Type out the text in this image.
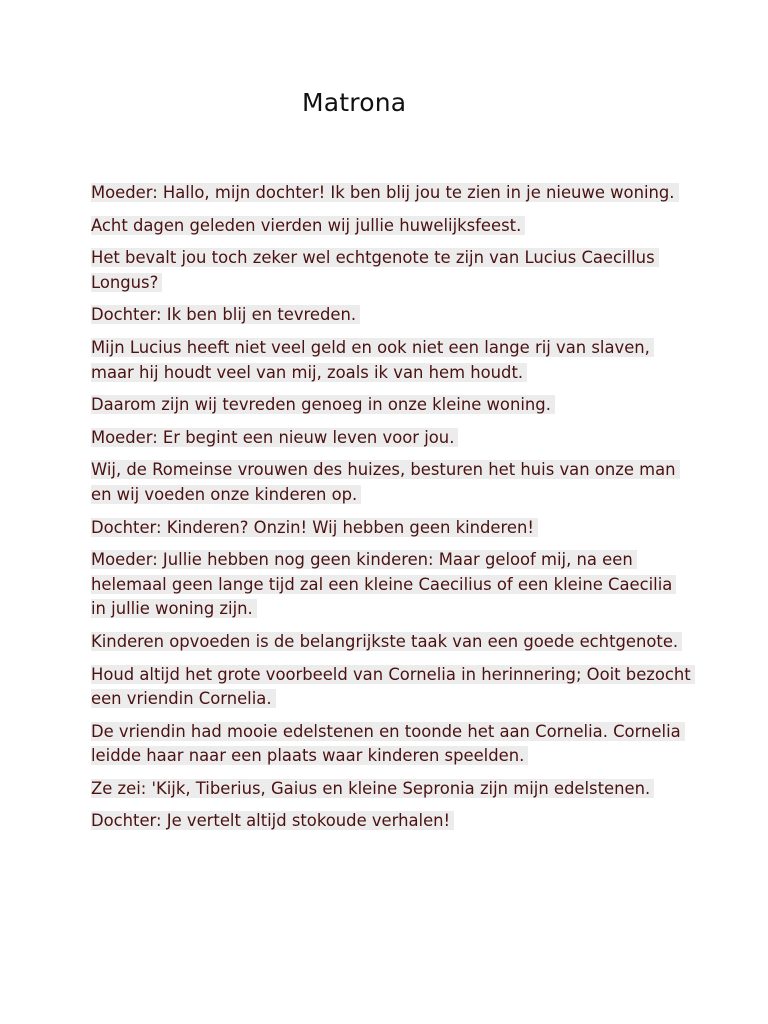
Matrona

Moeder: Hallo, mijn dochter! Ik ben blij jou te zien in je nieuwe woning.

Acht dagen geleden vierden wij jullie huwelijksfeest.

Het bevalt jou toch zeker wel echtgenote te zijn van Lucius Caecillus Longus?

Dochter: Ik ben blij en tevreden.

Mijn Lucius heeft niet veel geld en ook niet een lange rij van slaven, maar hij houdt veel van mij, zoals ik van hem houdt.

Daarom zijn wij tevreden genoeg in onze kleine woning.

Moeder: Er begint een nieuw leven voor jou.

Wij, de Romeinse vrouwen des huizes, besturen het huis van onze man en wij voeden onze kinderen op.

Dochter: Kinderen? Onzin! Wij hebben geen kinderen!

Moeder: Jullie hebben nog geen kinderen: Maar geloof mij, na een helemaal geen lange tijd zal een kleine Caecilius of een kleine Caecilia in jullie woning zijn.

Kinderen opvoeden is de belangrijkste taak van een goede echtgenote.

Houd altijd het grote voorbeeld van Cornelia in herinnering; Ooit bezocht een vriendin Cornelia.

De vriendin had mooie edelstenen en toonde het aan Cornelia. Cornelia leidde haar naar een plaats waar kinderen speelden.

Ze zei: 'Kijk, Tiberius, Gaius en kleine Sepronia zijn mijn edelstenen.

Dochter: Je vertelt altijd stokoude verhalen!
